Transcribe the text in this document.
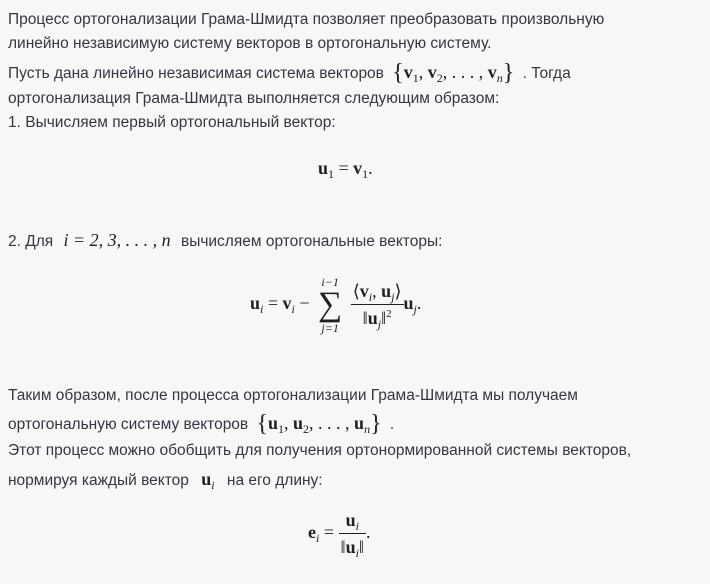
Процесс ортогонализации Грама-Шмидта позволяет преобразовать произвольную
линейно независимую систему векторов в ортогональную систему.
Пусть дана линейно независимая система векторов {$v_1$, $v_2$, . . . , $v_n$} . Тогда
ортогонализация Грама-Шмидта выполняется следующим образом:
1. Вычисляем первый ортогональный вектор:
$u_1 = v_1$.
2. Для i = 2, 3, . . . , n вычисляем ортогональные векторы:
$u_i = v_i$ −
i−1
∑
j=1
$\frac{⟨v_i, u_j⟩}{‖u_j‖^2} u_j$.
Таким образом, после процесса ортогонализации Грама-Шмидта мы получаем
ортогональную систему векторов {$u_1$, $u_2$, . . . , $u_n$} .
Этот процесс можно обобщить для получения ортонормированной системы векторов,
нормируя каждый вектор $u_i$ на его длину:
$e_i = \frac{u_i}{‖u_i‖}$ .
